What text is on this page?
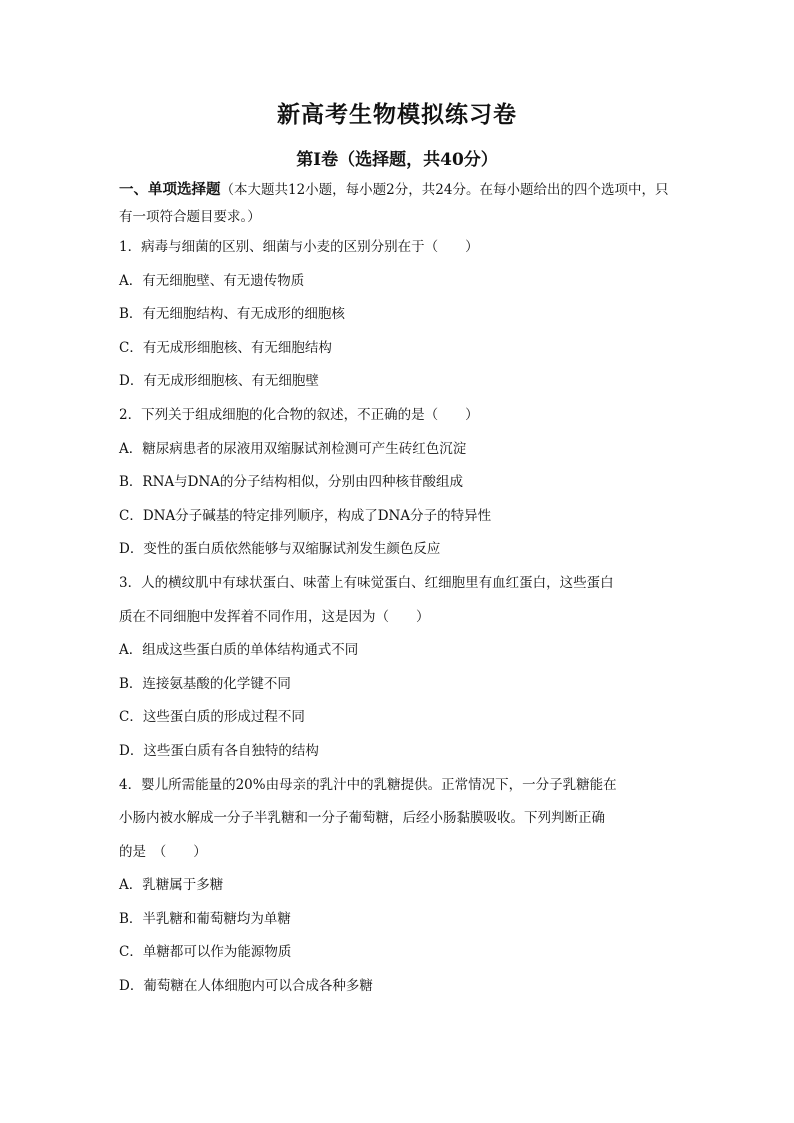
新高考生物模拟练习卷
第Ⅰ卷（选择题，共40分）
一、单项选择题（本大题共12小题，每小题2分，共24分。在每小题给出的四个选项中，只有一项符合题目要求。）
1．病毒与细菌的区别、细菌与小麦的区别分别在于（　　）
A．有无细胞壁、有无遗传物质
B．有无细胞结构、有无成形的细胞核
C．有无成形细胞核、有无细胞结构
D．有无成形细胞核、有无细胞壁
2．下列关于组成细胞的化合物的叙述，不正确的是（　　）
A．糖尿病患者的尿液用双缩脲试剂检测可产生砖红色沉淀
B．RNA与DNA的分子结构相似，分别由四种核苷酸组成
C．DNA分子碱基的特定排列顺序，构成了DNA分子的特异性
D．变性的蛋白质依然能够与双缩脲试剂发生颜色反应
3．人的横纹肌中有球状蛋白、味蕾上有味觉蛋白、红细胞里有血红蛋白，这些蛋白
质在不同细胞中发挥着不同作用，这是因为（　　）
A．组成这些蛋白质的单体结构通式不同
B．连接氨基酸的化学键不同
C．这些蛋白质的形成过程不同
D．这些蛋白质有各自独特的结构
4．婴儿所需能量的20%由母亲的乳汁中的乳糖提供。正常情况下，一分子乳糖能在
小肠内被水解成一分子半乳糖和一分子葡萄糖，后经小肠黏膜吸收。下列判断正确
的是　（　　）
A．乳糖属于多糖
B．半乳糖和葡萄糖均为单糖
C．单糖都可以作为能源物质
D．葡萄糖在人体细胞内可以合成各种多糖
